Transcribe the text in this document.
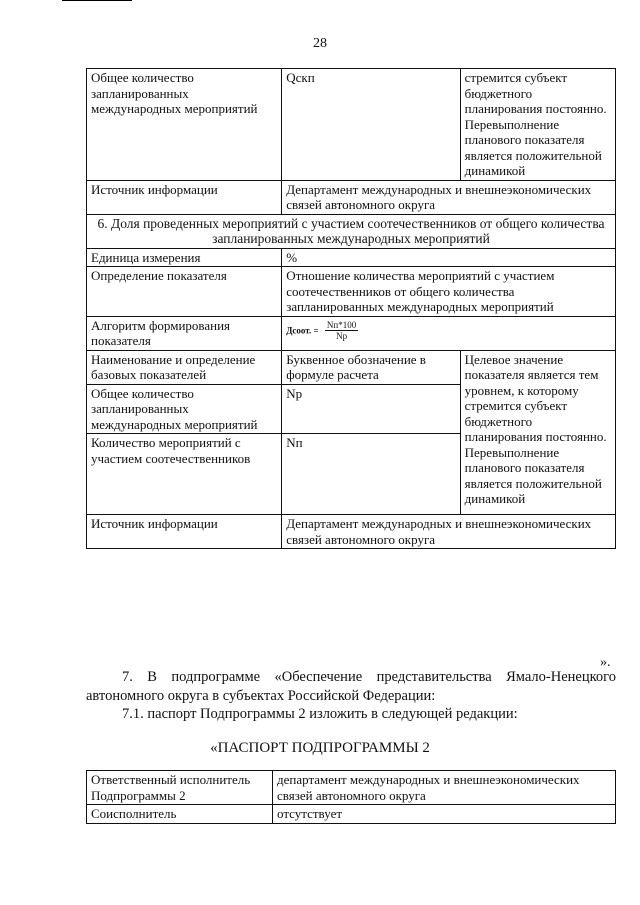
28
Общее количество запланированных международных мероприятий	Qскп	стремится субъект бюджетного планирования постоянно. Перевыполнение планового показателя является положительной динамикой
Источник информации	Департамент международных и внешнеэкономических связей автономного округа	
6. Доля проведенных мероприятий с участием соотечественников от общего количества запланированных международных мероприятий		
Единица измерения	%	
Определение показателя	Отношение количества мероприятий с участием соотечественников от общего количества запланированных международных мероприятий	
Алгоритм формирования показателя	Дсоот. = $\frac{Nп*100}{Nр}$

Наименование и определение базовых показателей	Буквенное обозначение в формуле расчета	Целевое значение показателя является тем уровнем, к которому стремится субъект бюджетного планирования постоянно. Перевыполнение планового показателя является положительной динамикой
Общее количество запланированных международных мероприятий	Nр	
Количество мероприятий с участием соотечественников	Nп	
Источник информации	Департамент международных и внешнеэкономических связей автономного округа	
».
7. В подпрограмме «Обеспечение представительства Ямало-Ненецкого автономного округа в субъектах Российской Федерации:
7.1. паспорт Подпрограммы 2 изложить в следующей редакции:
«ПАСПОРТ ПОДПРОГРАММЫ 2
Ответственный исполнитель Подпрограммы 2	департамент международных и внешнеэкономических связей автономного округа
Соисполнитель	отсутствует
